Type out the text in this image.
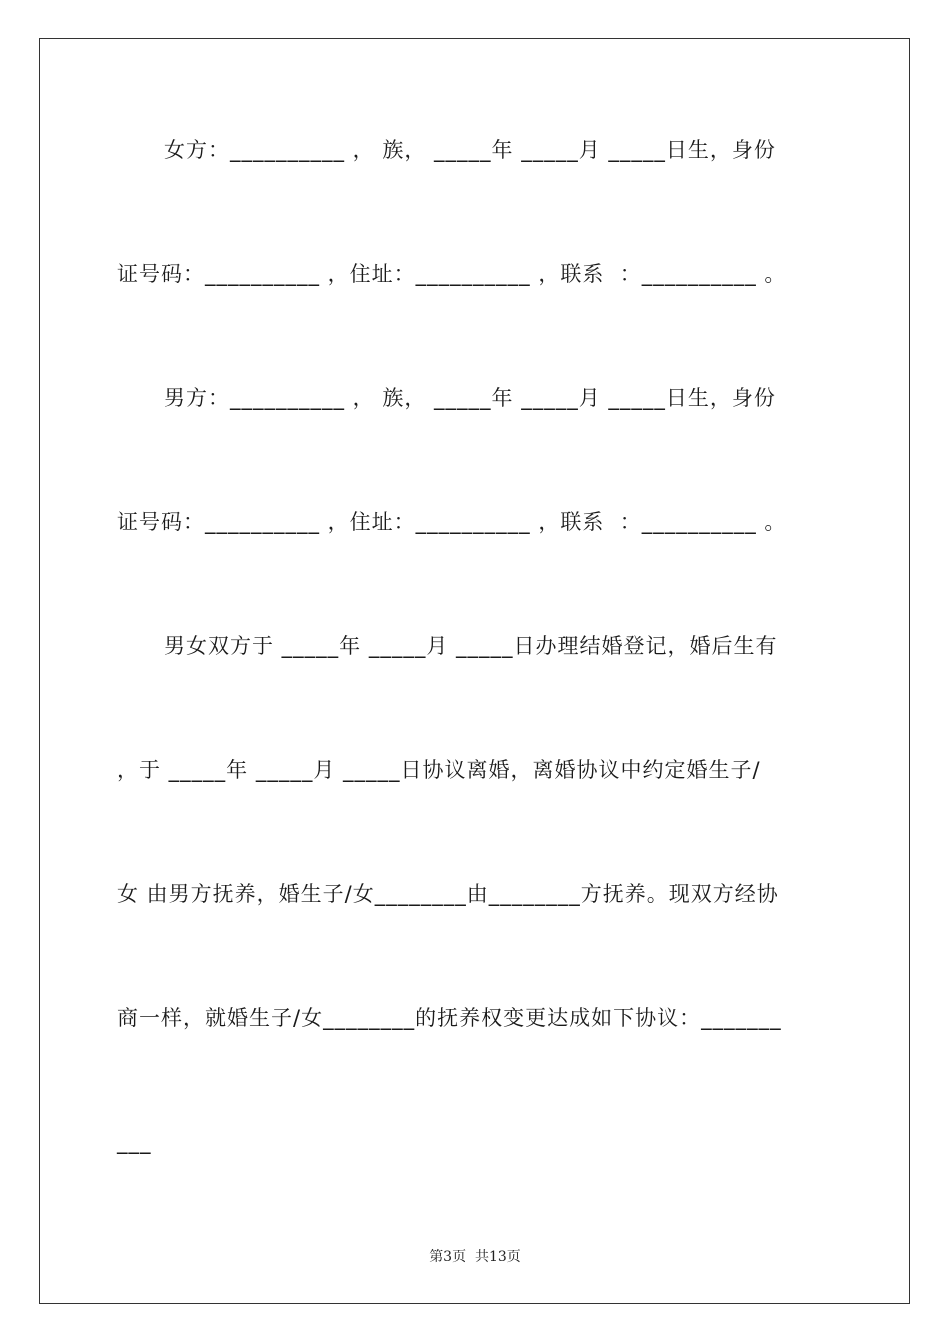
女方：__________ ， 族， _____年 _____月 _____日生，身份
证号码：__________ ，住址：__________ ，联系  ：__________ 。
男方：__________ ， 族， _____年 _____月 _____日生，身份
证号码：__________ ，住址：__________ ，联系  ：__________ 。
男女双方于 _____年 _____月 _____日办理结婚登记，婚后生有
，于 _____年 _____月 _____日协议离婚，离婚协议中约定婚生子/
女 由男方抚养，婚生子/女________由________方抚养。现双方经协
商一样，就婚生子/女________的抚养权变更达成如下协议：_______
___
第3页  共13页
